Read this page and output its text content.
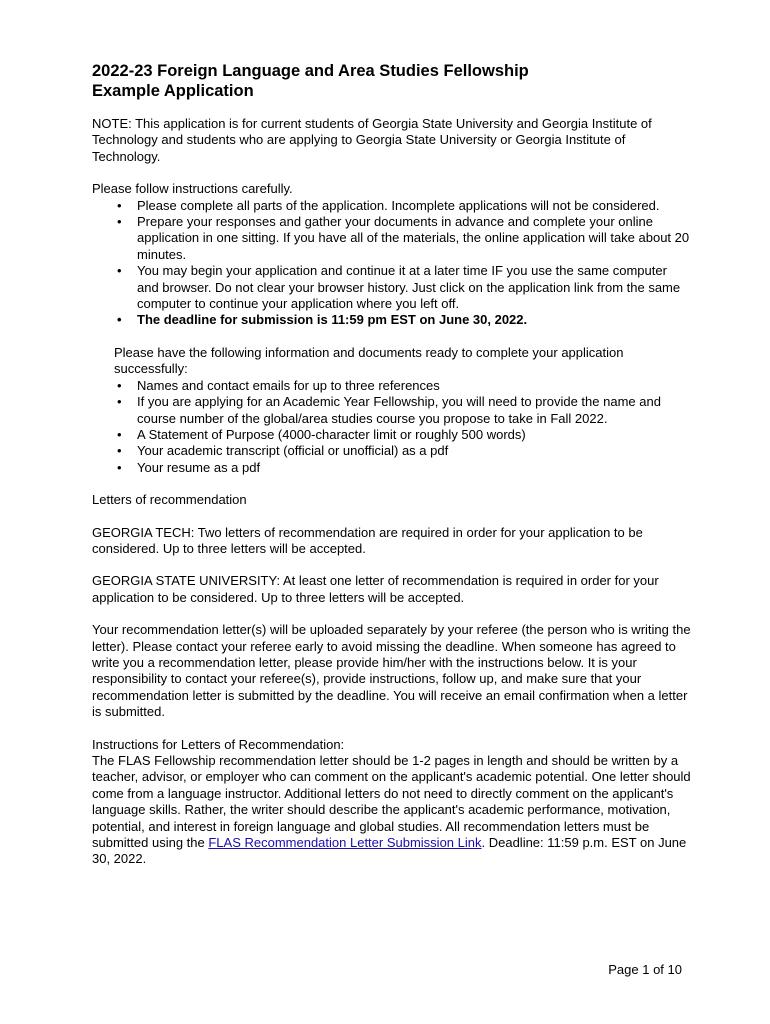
2022-23 Foreign Language and Area Studies Fellowship
Example Application

NOTE: This application is for current students of Georgia State University and Georgia Institute of Technology and students who are applying to Georgia State University or Georgia Institute of Technology.

Please follow instructions carefully.

• Please complete all parts of the application. Incomplete applications will not be considered.
• Prepare your responses and gather your documents in advance and complete your online application in one sitting. If you have all of the materials, the online application will take about 20 minutes.
• You may begin your application and continue it at a later time IF you use the same computer and browser. Do not clear your browser history. Just click on the application link from the same computer to continue your application where you left off.
• The deadline for submission is 11:59 pm EST on June 30, 2022.

Please have the following information and documents ready to complete your application successfully:

• Names and contact emails for up to three references
• If you are applying for an Academic Year Fellowship, you will need to provide the name and course number of the global/area studies course you propose to take in Fall 2022.
• A Statement of Purpose (4000-character limit or roughly 500 words)
• Your academic transcript (official or unofficial) as a pdf
• Your resume as a pdf

Letters of recommendation

GEORGIA TECH: Two letters of recommendation are required in order for your application to be considered. Up to three letters will be accepted.

GEORGIA STATE UNIVERSITY: At least one letter of recommendation is required in order for your application to be considered. Up to three letters will be accepted.

Your recommendation letter(s) will be uploaded separately by your referee (the person who is writing the letter). Please contact your referee early to avoid missing the deadline. When someone has agreed to write you a recommendation letter, please provide him/her with the instructions below. It is your responsibility to contact your referee(s), provide instructions, follow up, and make sure that your recommendation letter is submitted by the deadline. You will receive an email confirmation when a letter is submitted.

Instructions for Letters of Recommendation:

The FLAS Fellowship recommendation letter should be 1-2 pages in length and should be written by a teacher, advisor, or employer who can comment on the applicant's academic potential. One letter should come from a language instructor. Additional letters do not need to directly comment on the applicant's language skills. Rather, the writer should describe the applicant's academic performance, motivation, potential, and interest in foreign language and global studies. All recommendation letters must be submitted using the FLAS Recommendation Letter Submission Link. Deadline: 11:59 p.m. EST on June 30, 2022.

Page 1 of 10
